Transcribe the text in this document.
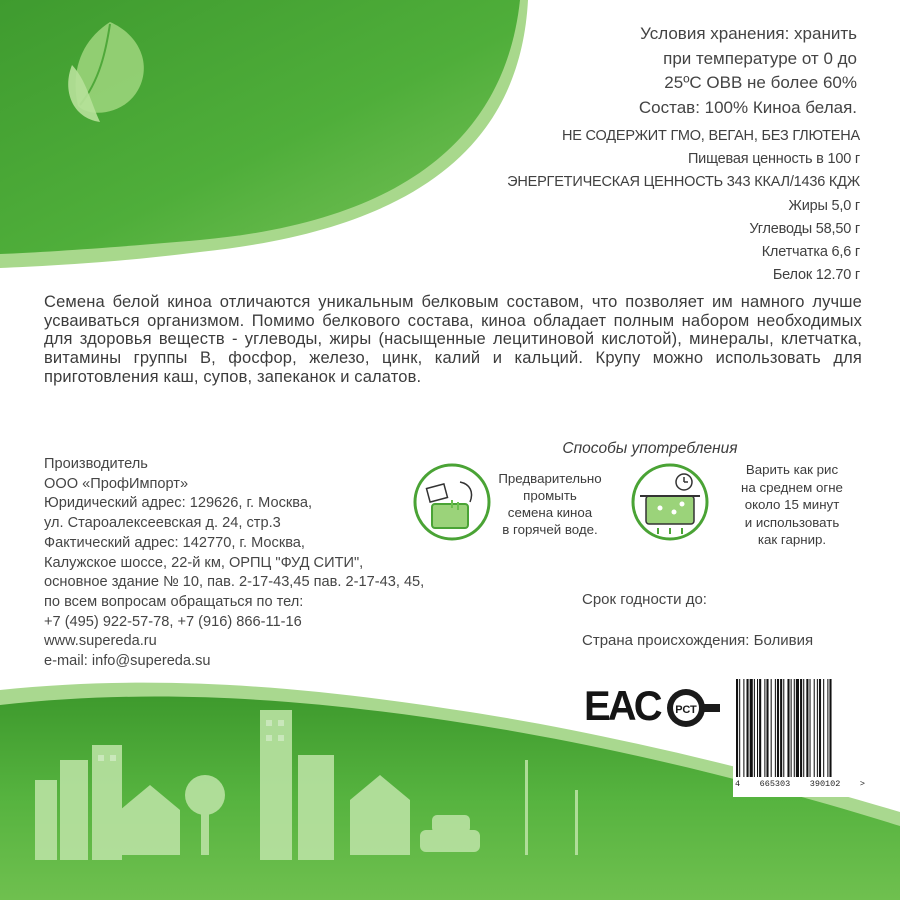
Условия хранения: хранить
при температуре от 0 до
25ºС ОВВ не более 60%
Состав: 100% Киноа белая.
НЕ СОДЕРЖИТ ГМО, ВЕГАН, БЕЗ ГЛЮТЕНА
Пищевая ценность в 100 г
ЭНЕРГЕТИЧЕСКАЯ ЦЕННОСТЬ 343 ККАЛ/1436 КДЖ
Жиры 5,0 г
Углеводы 58,50 г
Клетчатка 6,6 г
Белок 12.70 г
Семена белой киноа отличаются уникальным белковым составом, что позволяет им намного лучше усваиваться организмом. Помимо белкового состава, киноа обладает полным набором необходимых для здоровья веществ - углеводы, жиры (насыщенные лецитиновой кислотой), минералы, клетчатка, витамины группы B, фосфор, железо, цинк, калий и кальций. Крупу можно использовать для приготовления каш, супов, запеканок и салатов.
Производитель
ООО «ПрофИмпорт»
Юридический адрес: 129626, г. Москва,
ул. Староалексеевская д. 24, стр.3
Фактический адрес: 142770, г. Москва,
Калужское шоссе, 22-й км, ОРПЦ "ФУД СИТИ",
основное здание № 10, пав. 2-17-43,45 пав. 2-17-43, 45,
по всем вопросам обращаться по тел:
+7 (495) 922-57-78, +7 (916) 866-11-16
www.supereda.ru
e-mail: info@supereda.su
Способы употребления
Предварительно
промыть
семена киноа
в горячей воде.
Варить как рис
на среднем огне
около 15 минут
и использовать
как гарнир.
Срок годности до:
Страна происхождения: Боливия
EAC РСТ
4 665303 390102 >
